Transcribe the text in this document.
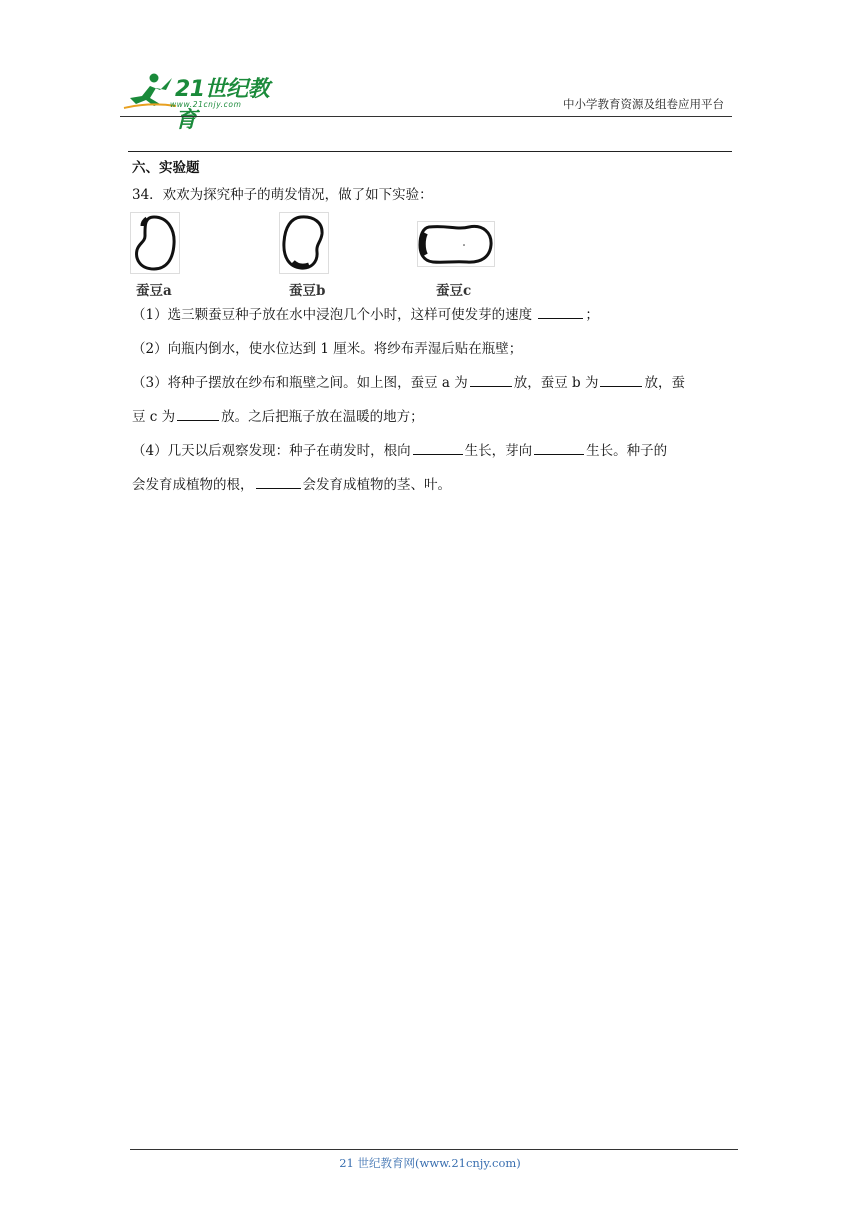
21世纪教育
www.21cnjy.com	中小学教育资源及组卷应用平台
六、实验题
34．欢欢为探究种子的萌发情况，做了如下实验：
蚕豆a	蚕豆b	蚕豆c
（1）选三颗蚕豆种子放在水中浸泡几个小时，这样可使发芽的速度	；
（2）向瓶内倒水，使水位达到 1 厘米。将纱布弄湿后贴在瓶壁；
（3）将种子摆放在纱布和瓶壁之间。如上图，蚕豆 a 为	放，蚕豆 b 为	放，蚕
豆 c 为	放。之后把瓶子放在温暖的地方；
（4）几天以后观察发现：种子在萌发时，根向	生长，芽向	生长。种子的
会发育成植物的根，	会发育成植物的茎、叶。
21 世纪教育网(www.21cnjy.com)
